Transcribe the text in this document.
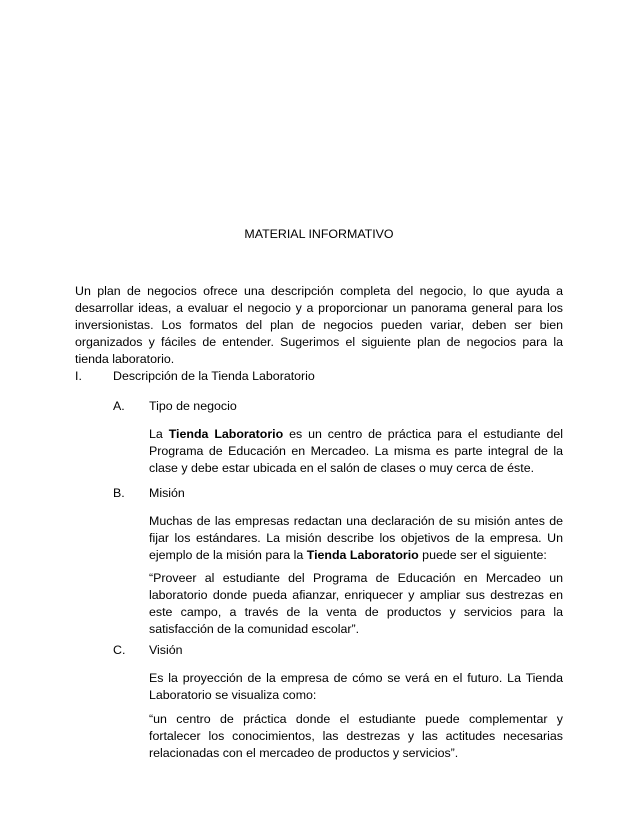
MATERIAL INFORMATIVO

Un plan de negocios ofrece una descripción completa del negocio, lo que ayuda a desarrollar ideas, a evaluar el negocio y a proporcionar un panorama general para los inversionistas. Los formatos del plan de negocios pueden variar, deben ser bien organizados y fáciles de entender. Sugerimos el siguiente plan de negocios para la tienda laboratorio.

I.	Descripción de la Tienda Laboratorio
A. Tipo de negocio

La Tienda Laboratorio es un centro de práctica para el estudiante del Programa de Educación en Mercadeo. La misma es parte integral de la clase y debe estar ubicada en el salón de clases o muy cerca de éste.

B. Misión

Muchas de las empresas redactan una declaración de su misión antes de fijar los estándares. La misión describe los objetivos de la empresa. Un ejemplo de la misión para la Tienda Laboratorio puede ser el siguiente:

“Proveer al estudiante del Programa de Educación en Mercadeo un laboratorio donde pueda afianzar, enriquecer y ampliar sus destrezas en este campo, a través de la venta de productos y servicios para la satisfacción de la comunidad escolar”.

C. Visión

Es la proyección de la empresa de cómo se verá en el futuro. La Tienda Laboratorio se visualiza como:

“un centro de práctica donde el estudiante puede complementar y fortalecer los conocimientos, las destrezas y las actitudes necesarias relacionadas con el mercadeo de productos y servicios”.
